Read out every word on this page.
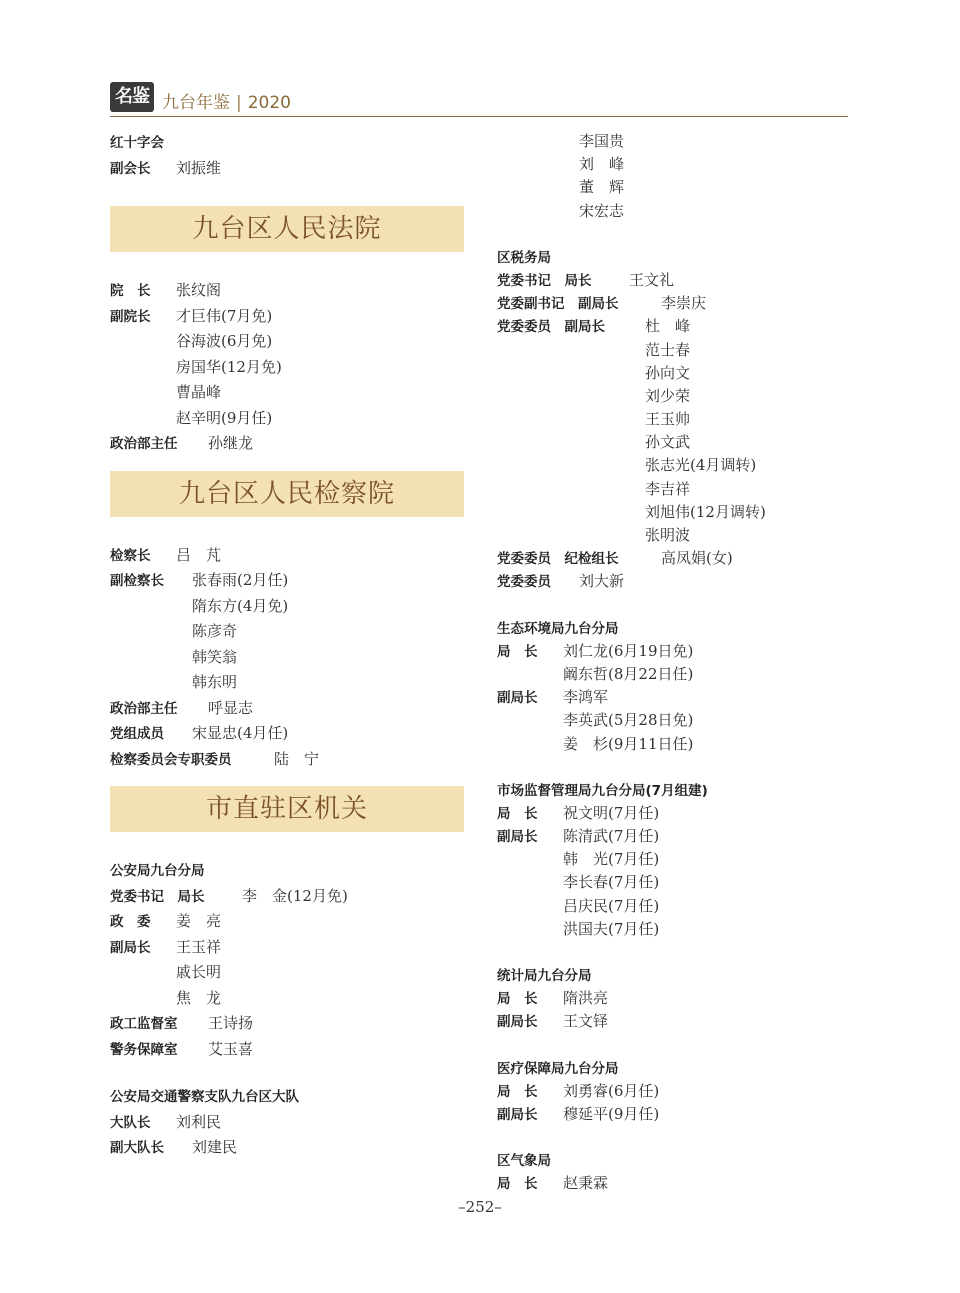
名鉴 九台年鉴 | 2020
红十字会
副会长 刘振维
九台区人民法院
院　长 张纹阁
副院长 才巨伟(7月免)
谷海波(6月免)
房国华(12月免)
曹晶峰
赵辛明(9月任)
政治部主任 孙继龙
九台区人民检察院
检察长 吕　芃
副检察长 张春雨(2月任)
隋东方(4月免)
陈彦奇
韩笑翁
韩东明
政治部主任 呼显志
党组成员 宋显忠(4月任)
检察委员会专职委员	陆　宁
市直驻区机关
公安局九台分局
党委书记　局长	李　金(12月免)
政　委 姜　亮
副局长 王玉祥
戚长明
焦　龙
政工监督室 王诗扬
警务保障室 艾玉喜
公安局交通警察支队九台区大队
大队长 刘利民
副大队长 刘建民
李国贵
刘　峰
董　辉
宋宏志
区税务局
党委书记　局长	王文礼
党委副书记　副局长	李崇庆
党委委员　副局长	杜　峰
范士春
孙向文
刘少荣
王玉帅
孙文武
张志光(4月调转)
李吉祥
刘旭伟(12月调转)
张明波
党委委员　纪检组长	高凤娟(女)
党委委员 刘大新
生态环境局九台分局
局　长 刘仁龙(6月19日免)
阚东哲(8月22日任)
副局长 李鸿军
李英武(5月28日免)
姜　杉(9月11日任)
市场监督管理局九台分局(7月组建)
局　长 祝文明(7月任)
副局长 陈清武(7月任)
韩　光(7月任)
李长春(7月任)
吕庆民(7月任)
洪国夫(7月任)
统计局九台分局
局　长 隋洪亮
副局长 王文铎
医疗保障局九台分局
局　长 刘勇睿(6月任)
副局长 穆延平(9月任)
区气象局
局　长 赵秉霖
–252–
